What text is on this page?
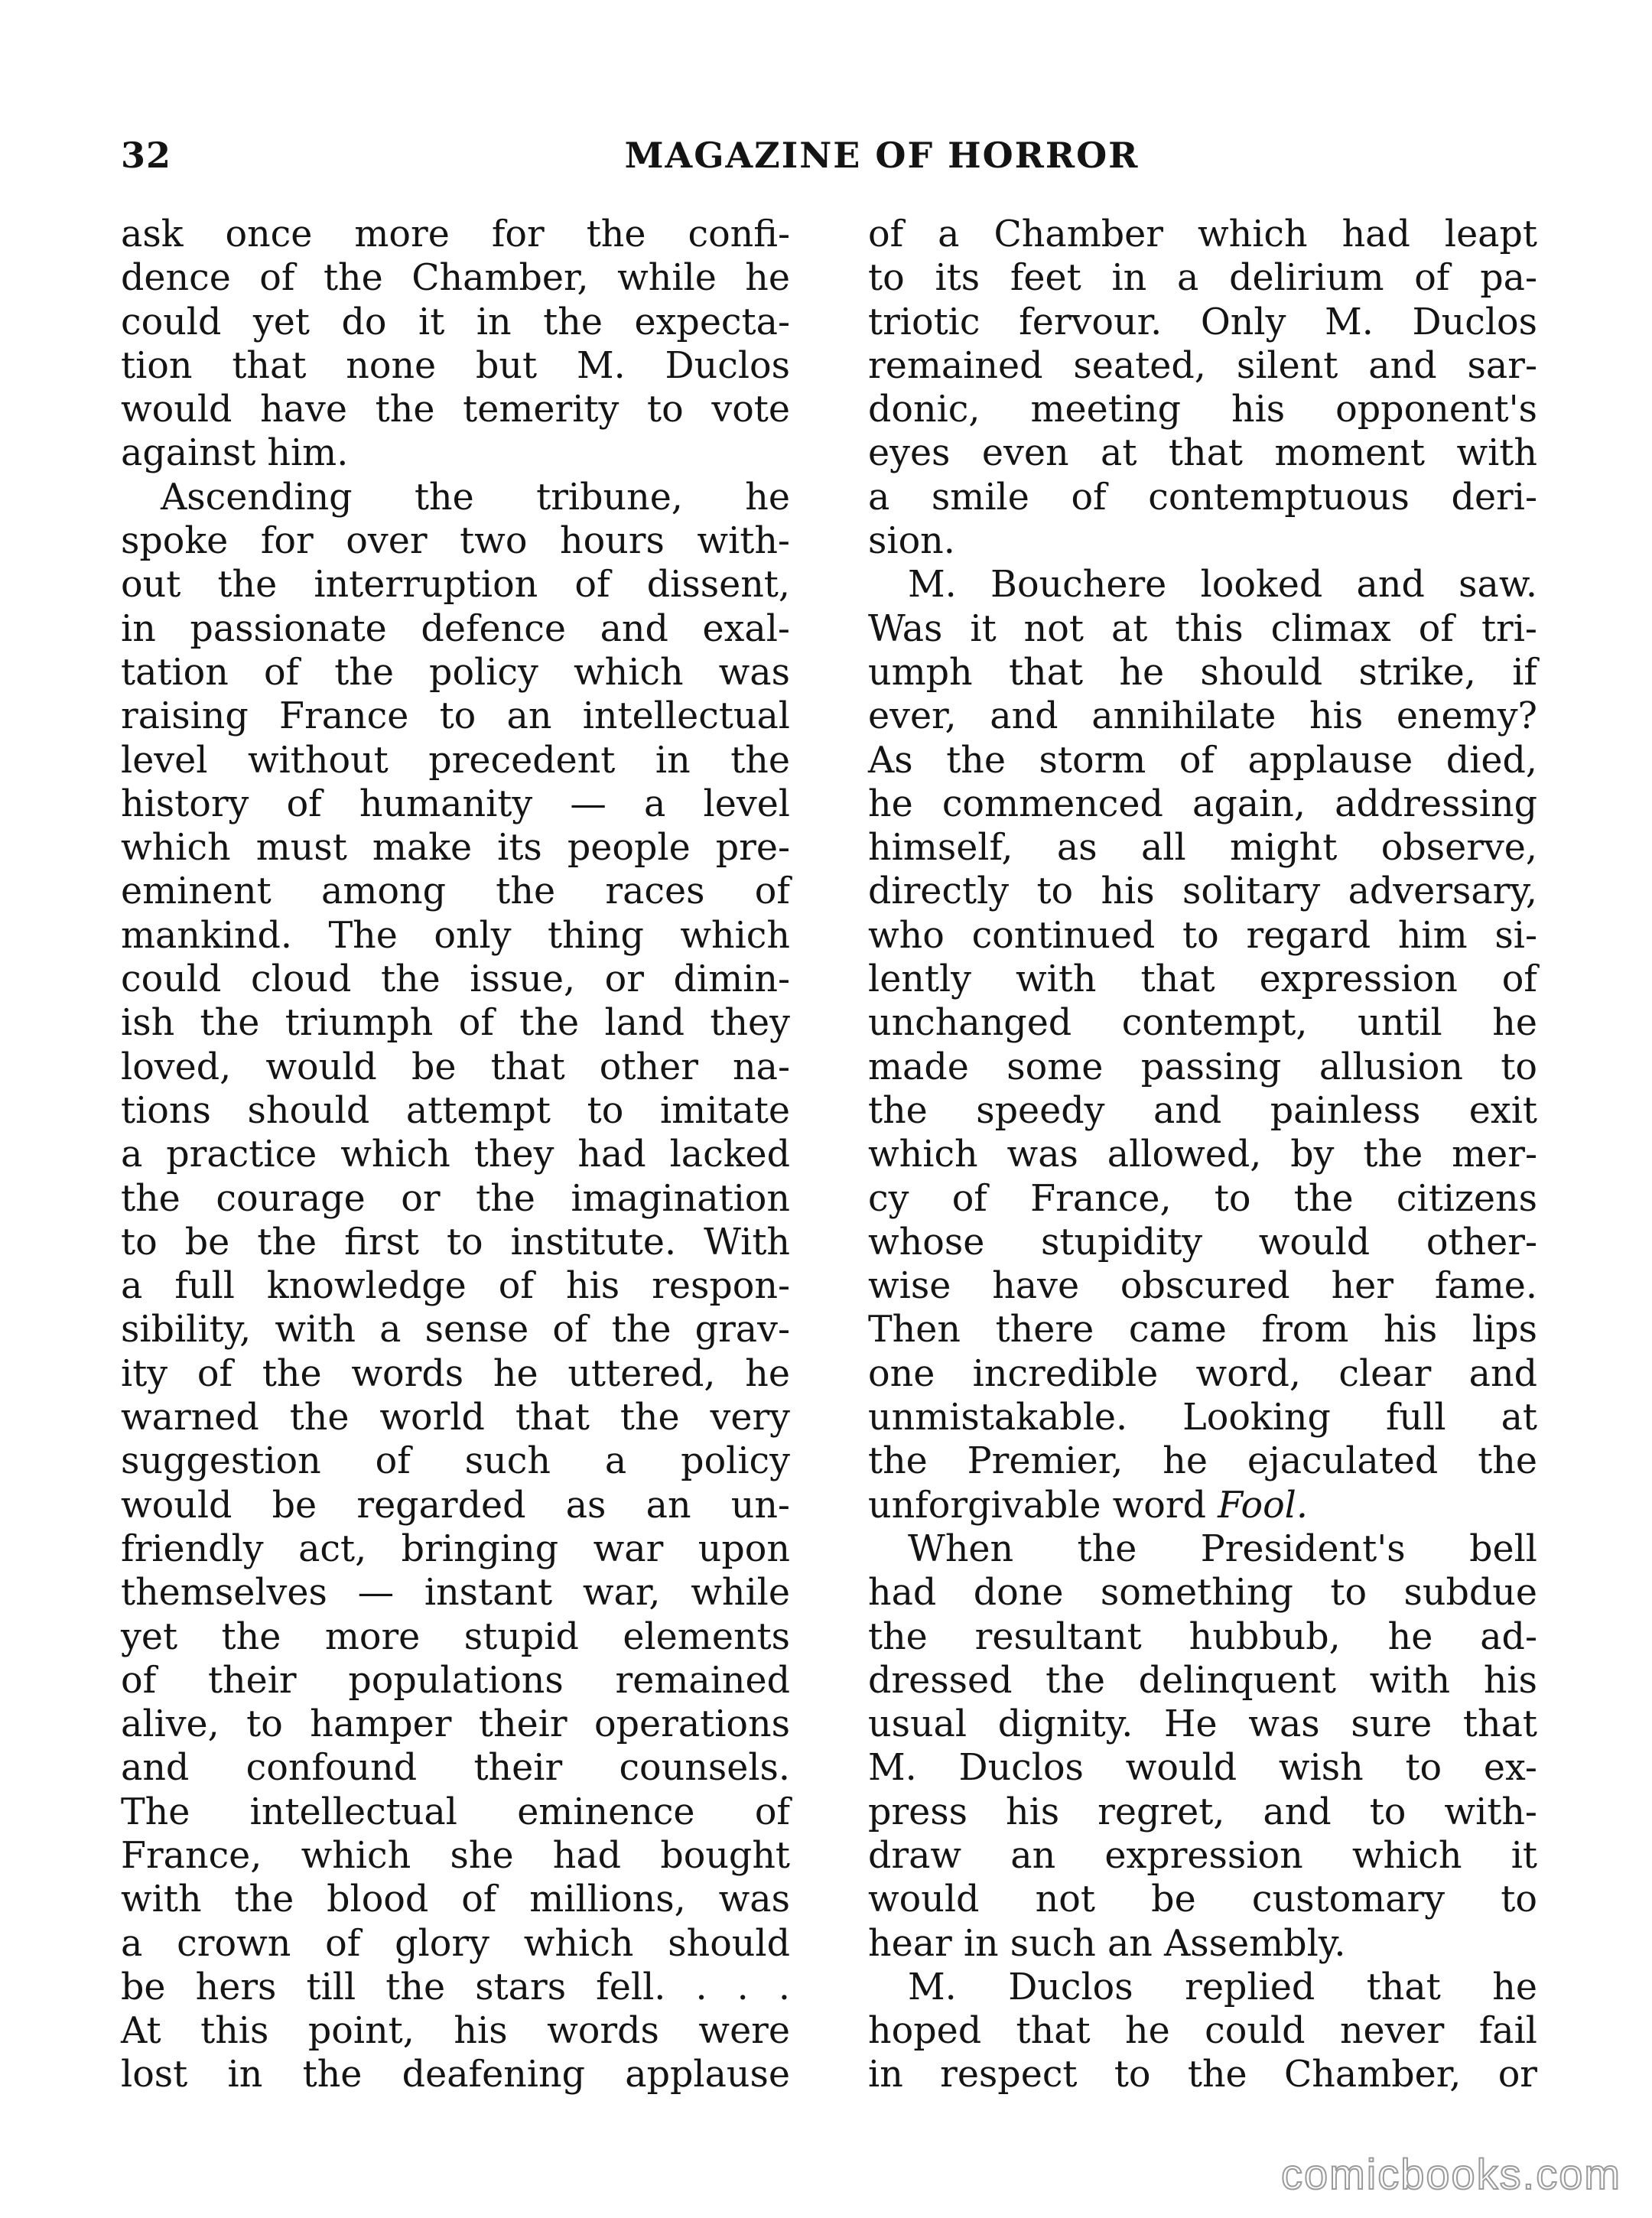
32	MAGAZINE OF HORROR
ask once more for the confi-
dence of the Chamber, while he
could yet do it in the expecta-
tion that none but M. Duclos
would have the temerity to vote
against him.
Ascending the tribune, he
spoke for over two hours with-
out the interruption of dissent,
in passionate defence and exal-
tation of the policy which was
raising France to an intellectual
level without precedent in the
history of humanity — a level
which must make its people pre-
eminent among the races of
mankind. The only thing which
could cloud the issue, or dimin-
ish the triumph of the land they
loved, would be that other na-
tions should attempt to imitate
a practice which they had lacked
the courage or the imagination
to be the first to institute. With
a full knowledge of his respon-
sibility, with a sense of the grav-
ity of the words he uttered, he
warned the world that the very
suggestion of such a policy
would be regarded as an un-
friendly act, bringing war upon
themselves — instant war, while
yet the more stupid elements
of their populations remained
alive, to hamper their operations
and confound their counsels.
The intellectual eminence of
France, which she had bought
with the blood of millions, was
a crown of glory which should
be hers till the stars fell. . . .
At this point, his words were
lost in the deafening applause
of a Chamber which had leapt
to its feet in a delirium of pa-
triotic fervour. Only M. Duclos
remained seated, silent and sar-
donic, meeting his opponent's
eyes even at that moment with
a smile of contemptuous deri-
sion.
M. Bouchere looked and saw.
Was it not at this climax of tri-
umph that he should strike, if
ever, and annihilate his enemy?
As the storm of applause died,
he commenced again, addressing
himself, as all might observe,
directly to his solitary adversary,
who continued to regard him si-
lently with that expression of
unchanged contempt, until he
made some passing allusion to
the speedy and painless exit
which was allowed, by the mer-
cy of France, to the citizens
whose stupidity would other-
wise have obscured her fame.
Then there came from his lips
one incredible word, clear and
unmistakable. Looking full at
the Premier, he ejaculated the
unforgivable word Fool.
When the President's bell
had done something to subdue
the resultant hubbub, he ad-
dressed the delinquent with his
usual dignity. He was sure that
M. Duclos would wish to ex-
press his regret, and to with-
draw an expression which it
would not be customary to
hear in such an Assembly.
M. Duclos replied that he
hoped that he could never fail
in respect to the Chamber, or
comicbooks.com
